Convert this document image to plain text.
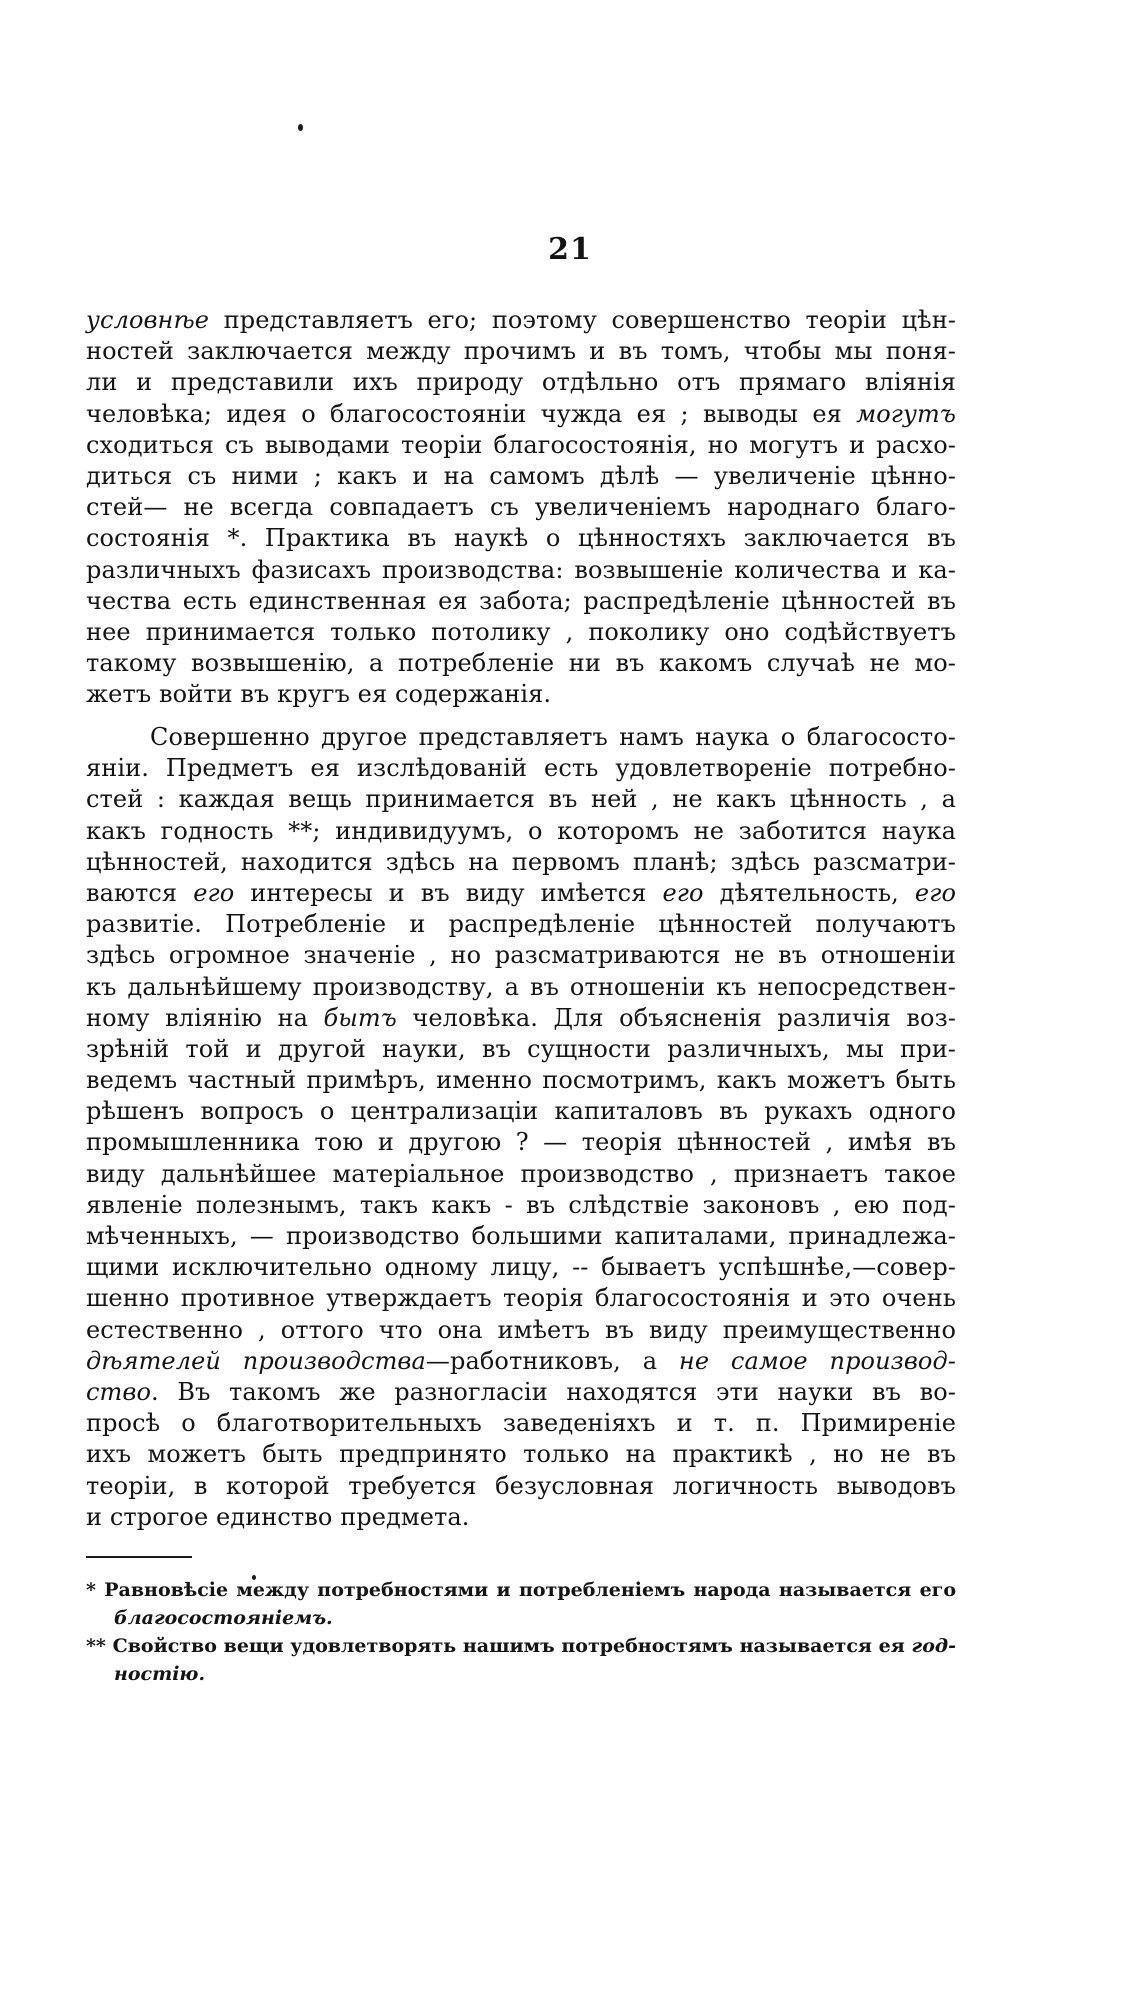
21
условнѣе представляетъ его; поэтому совершенство теоріи цѣн-
ностей заключается между прочимъ и въ томъ, чтобы мы поня-
ли и представили ихъ природу отдѣльно отъ прямаго вліянія
человѣка; идея о благосостояніи чужда ея ; выводы ея могутъ
сходиться съ выводами теоріи благосостоянія, но могутъ и расхо-
диться съ ними ; какъ и на самомъ дѣлѣ — увеличеніе цѣнно-
стей— не всегда совпадаетъ съ увеличеніемъ народнаго благо-
состоянія *. Практика въ наукѣ о цѣнностяхъ заключается въ
различныхъ фазисахъ производства: возвышеніе количества и ка-
чества есть единственная ея забота; распредѣленіе цѣнностей въ
нее принимается только потолику , поколику оно содѣйствуетъ
такому возвышенію, а потребленіе ни въ какомъ случаѣ не мо-
жетъ войти въ кругъ ея содержанія.
Совершенно другое представляетъ намъ наука о благососто-
яніи. Предметъ ея изслѣдованій есть удовлетвореніе потребно-
стей : каждая вещь принимается въ ней , не какъ цѣнность , а
какъ годность **; индивидуумъ, о которомъ не заботится наука
цѣнностей, находится здѣсь на первомъ планѣ; здѣсь разсматри-
ваются его интересы и въ виду имѣется его дѣятельность, его
развитіе. Потребленіе и распредѣленіе цѣнностей получаютъ
здѣсь огромное значеніе , но разсматриваются не въ отношеніи
къ дальнѣйшему производству, а въ отношеніи къ непосредствен-
ному вліянію на бытъ человѣка. Для объясненія различія воз-
зрѣній той и другой науки, въ сущности различныхъ, мы при-
ведемъ частный примѣръ, именно посмотримъ, какъ можетъ быть
рѣшенъ вопросъ о централизаціи капиталовъ въ рукахъ одного
промышленника тою и другою ? — теорія цѣнностей , имѣя въ
виду дальнѣйшее матеріальное производство , признаетъ такое
явленіе полезнымъ, такъ какъ - въ слѣдствіе законовъ , ею под-
мѣченныхъ, — производство большими капиталами, принадлежа-
щими исключительно одному лицу, -- бываетъ успѣшнѣе,—совер-
шенно противное утверждаетъ теорія благосостоянія и это очень
естественно , оттого что она имѣетъ въ виду преимущественно
дѣятелей производства—работниковъ, а не самое производ-
ство. Въ такомъ же разногласіи находятся эти науки въ во-
просѣ о благотворительныхъ заведеніяхъ и т. п. Примиреніе
ихъ можетъ быть предпринято только на практикѣ , но не въ
теоріи, в которой требуется безусловная логичность выводовъ
и строгое единство предмета.
* Равновѣсіе между потребностями и потребленіемъ народа называется его
благосостояніемъ.
** Свойство вещи удовлетворять нашимъ потребностямъ называется ея год-
ностію.
